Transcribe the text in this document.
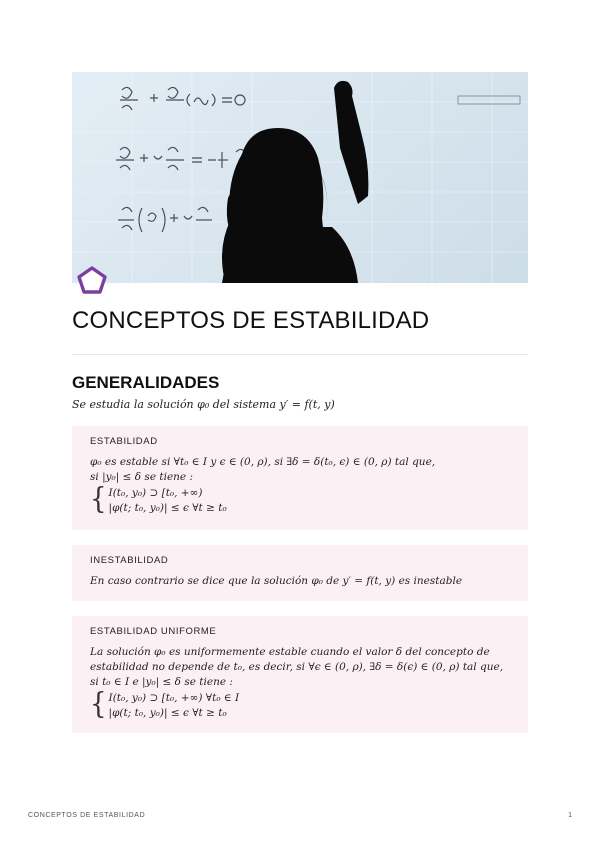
CONCEPTOS DE ESTABILIDAD
GENERALIDADES

Se estudia la solución φ₀ del sistema y′ = f(t, y)

ESTABILIDAD
φ₀ es estable si ∀t₀ ∈ I y ϵ ∈ (0, ρ), si ∃δ = δ(t₀, ϵ) ∈ (0, ρ) tal que,
si |y₀| ≤ δ se tiene :
{ I(t₀, y₀) ⊃ [t₀, +∞)
|φ(t; t₀, y₀)| ≤ ϵ ∀t ≥ t₀
INESTABILIDAD
En caso contrario se dice que la solución φ₀ de y′ = f(t, y) es inestable
ESTABILIDAD UNIFORME
La solución φ₀ es uniformemente estable cuando el valor δ del concepto de
estabilidad no depende de t₀, es decir, si ∀ϵ ∈ (0, ρ), ∃δ = δ(ϵ) ∈ (0, ρ) tal que,
si t₀ ∈ I e |y₀| ≤ δ se tiene :
{ I(t₀, y₀) ⊃ [t₀, +∞) ∀t₀ ∈ I
|φ(t; t₀, y₀)| ≤ ϵ ∀t ≥ t₀
CONCEPTOS DE ESTABILIDAD	1
